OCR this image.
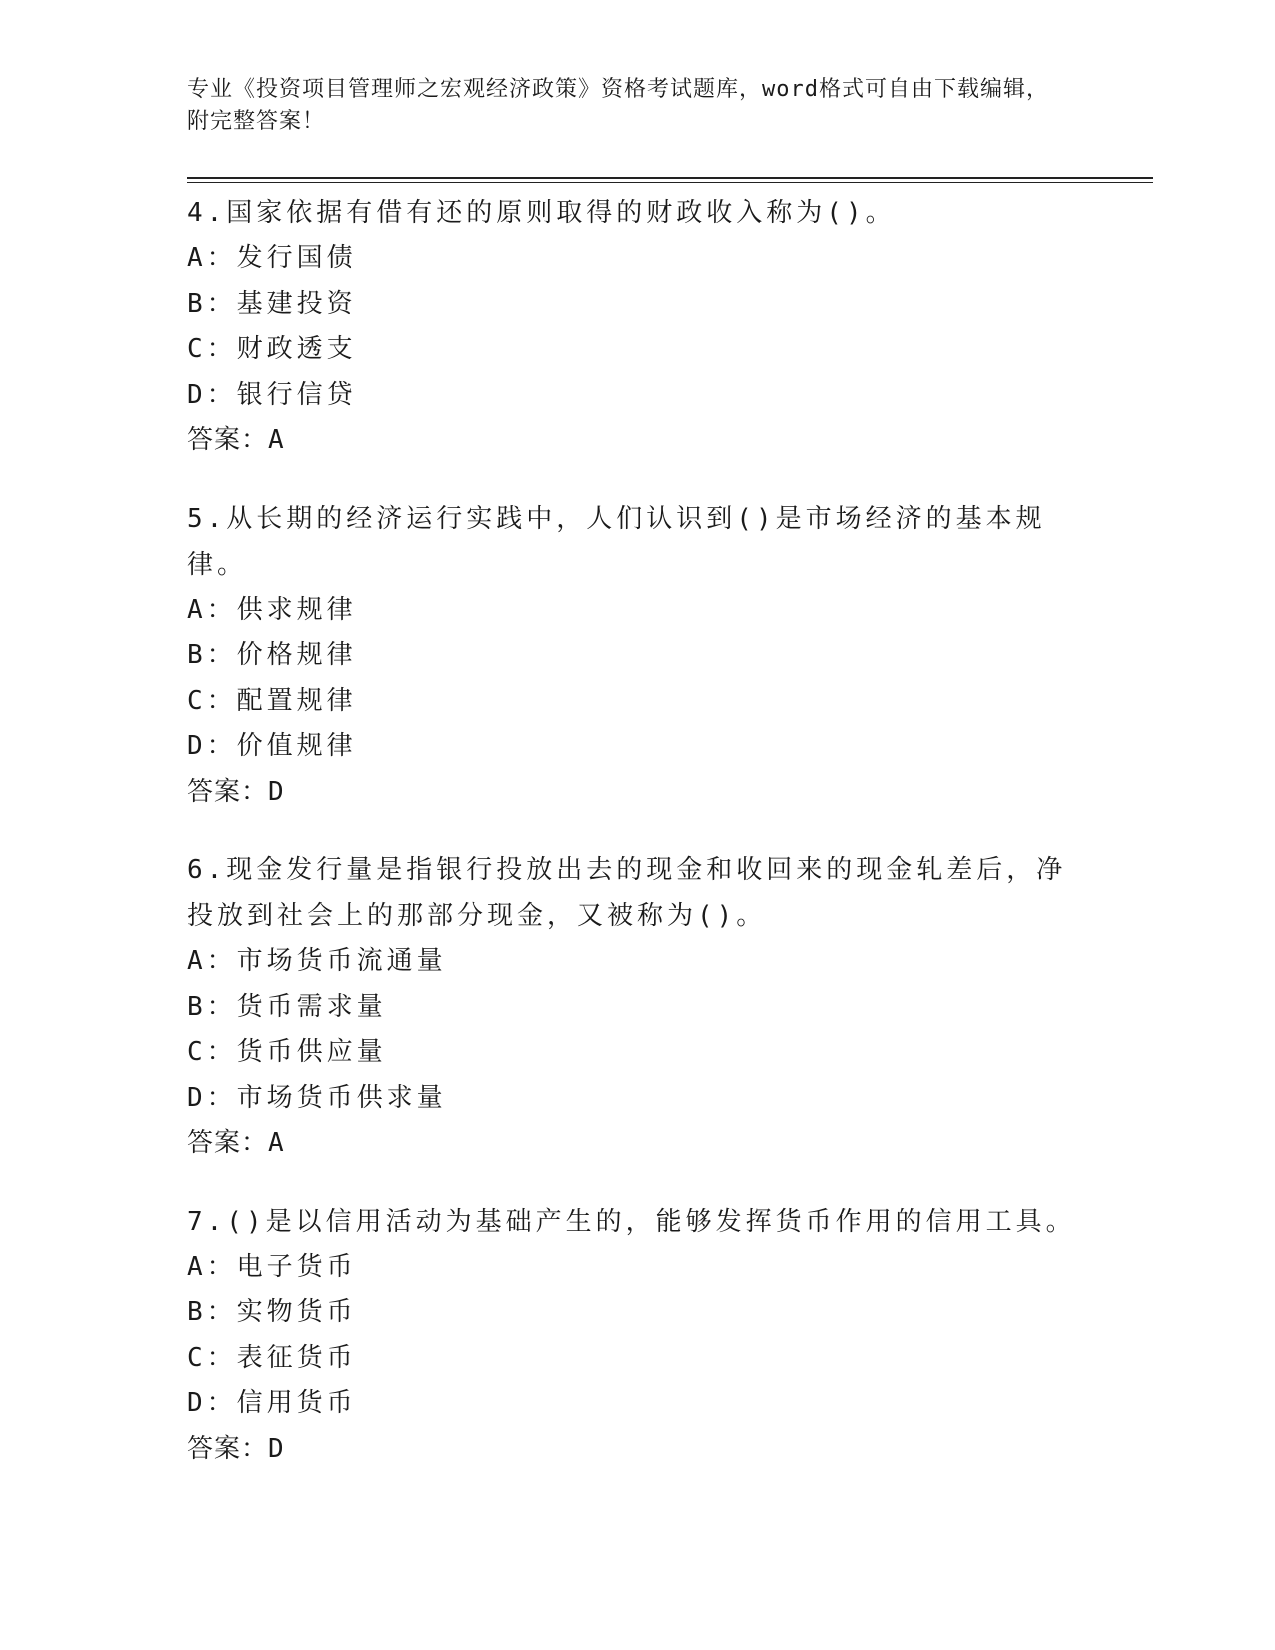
专业《投资项目管理师之宏观经济政策》资格考试题库，word格式可自由下载编辑，附完整答案！
4.国家依据有借有还的原则取得的财政收入称为()。
A：发行国债
B：基建投资
C：财政透支
D：银行信贷
答案：A
5.从长期的经济运行实践中，人们认识到()是市场经济的基本规律。
A：供求规律
B：价格规律
C：配置规律
D：价值规律
答案：D
6.现金发行量是指银行投放出去的现金和收回来的现金轧差后，净投放到社会上的那部分现金，又被称为()。
A：市场货币流通量
B：货币需求量
C：货币供应量
D：市场货币供求量
答案：A
7.()是以信用活动为基础产生的，能够发挥货币作用的信用工具。
A：电子货币
B：实物货币
C：表征货币
D：信用货币
答案：D
